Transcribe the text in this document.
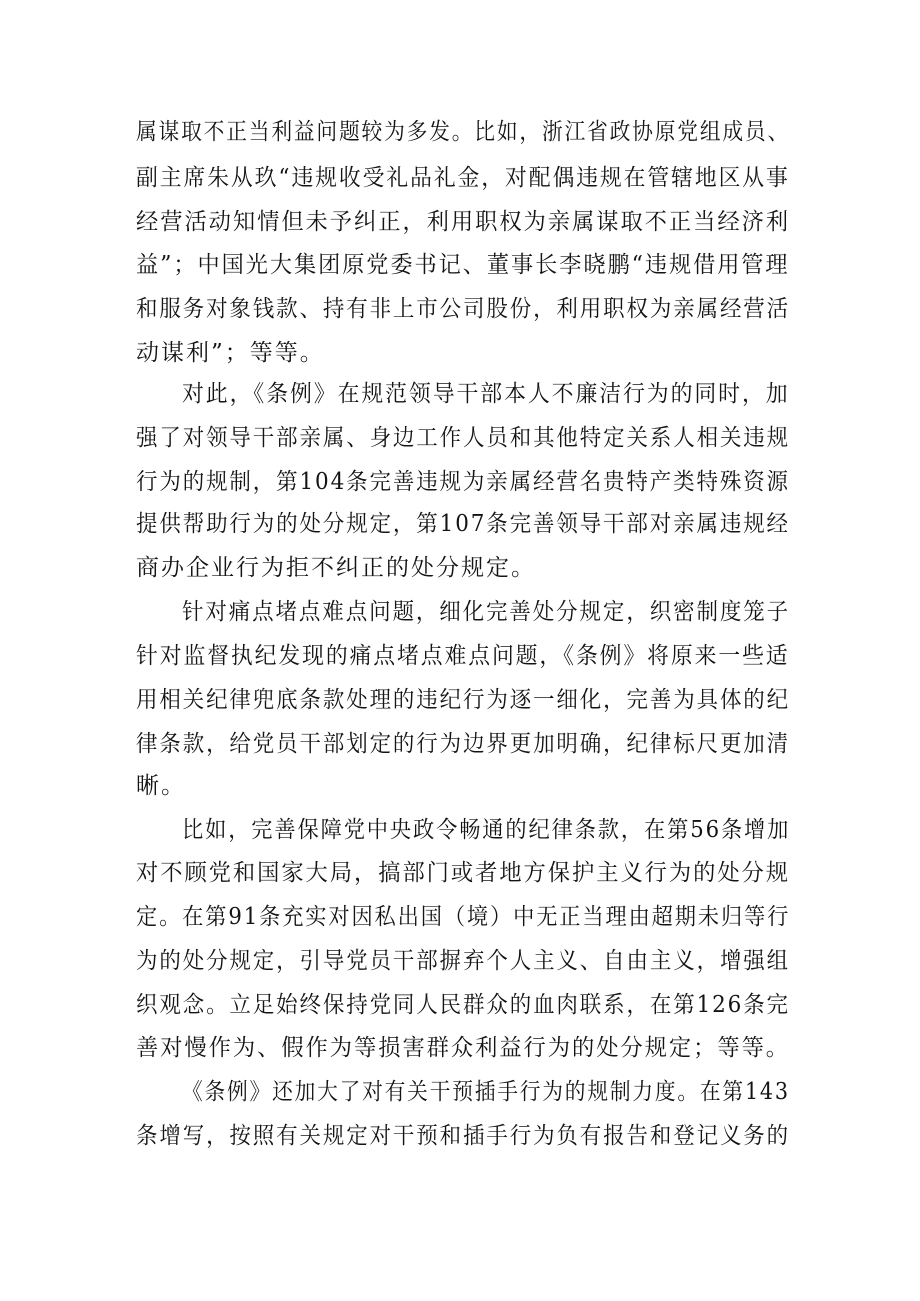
属谋取不正当利益问题较为多发。比如，浙江省政协原党组成员、
副主席朱从玖“违规收受礼品礼金，对配偶违规在管辖地区从事
经营活动知情但未予纠正，利用职权为亲属谋取不正当经济利
益”；中国光大集团原党委书记、董事长李晓鹏“违规借用管理
和服务对象钱款、持有非上市公司股份，利用职权为亲属经营活
动谋利”；等等。
对此，《条例》在规范领导干部本人不廉洁行为的同时，加
强了对领导干部亲属、身边工作人员和其他特定关系人相关违规
行为的规制，第104条完善违规为亲属经营名贵特产类特殊资源
提供帮助行为的处分规定，第107条完善领导干部对亲属违规经
商办企业行为拒不纠正的处分规定。
针对痛点堵点难点问题，细化完善处分规定，织密制度笼子
针对监督执纪发现的痛点堵点难点问题，《条例》将原来一些适
用相关纪律兜底条款处理的违纪行为逐一细化，完善为具体的纪
律条款，给党员干部划定的行为边界更加明确，纪律标尺更加清
晰。
比如，完善保障党中央政令畅通的纪律条款，在第56条增加
对不顾党和国家大局，搞部门或者地方保护主义行为的处分规
定。在第91条充实对因私出国（境）中无正当理由超期未归等行
为的处分规定，引导党员干部摒弃个人主义、自由主义，增强组
织观念。立足始终保持党同人民群众的血肉联系，在第126条完
善对慢作为、假作为等损害群众利益行为的处分规定；等等。
《条例》还加大了对有关干预插手行为的规制力度。在第143
条增写，按照有关规定对干预和插手行为负有报告和登记义务的
